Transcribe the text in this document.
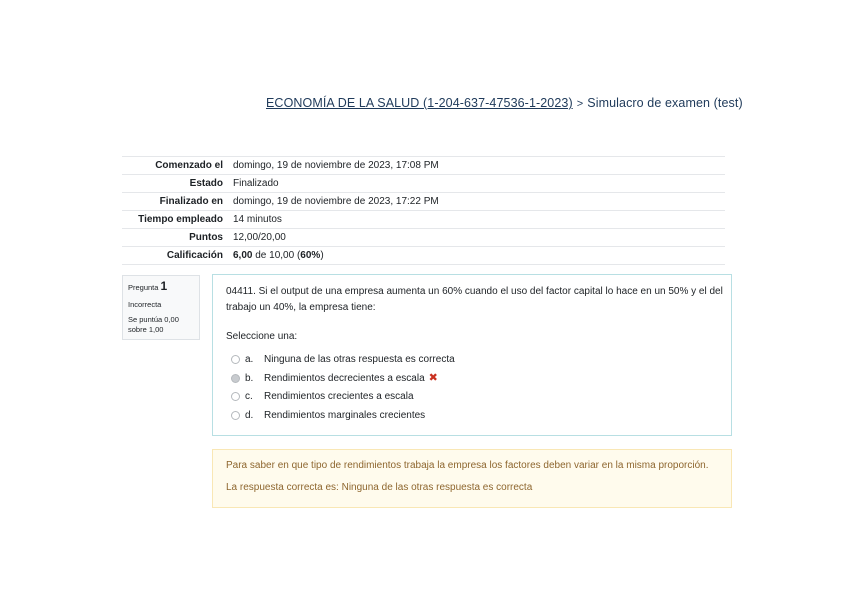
ECONOMÍA DE LA SALUD (1-204-637-47536-1-2023) > Simulacro de examen (test)
Comenzado el	domingo, 19 de noviembre de 2023, 17:08 PM
Estado	Finalizado
Finalizado en	domingo, 19 de noviembre de 2023, 17:22 PM
Tiempo empleado	14 minutos
Puntos	12,00/20,00
Calificación	6,00 de 10,00 (60%)
Pregunta 1
Incorrecta
Se puntúa 0,00 sobre 1,00

04411. Si el output de una empresa aumenta un 60% cuando el uso del factor capital lo hace en un 50% y el del trabajo un 40%, la empresa tiene:

Seleccione una:

a.	Ninguna de las otras respuesta es correcta
b.	Rendimientos decrecientes a escala ✖
c.	Rendimientos crecientes a escala
d.	Rendimientos marginales crecientes

Para saber en que tipo de rendimientos trabaja la empresa los factores deben variar en la misma proporción.

La respuesta correcta es: Ninguna de las otras respuesta es correcta
